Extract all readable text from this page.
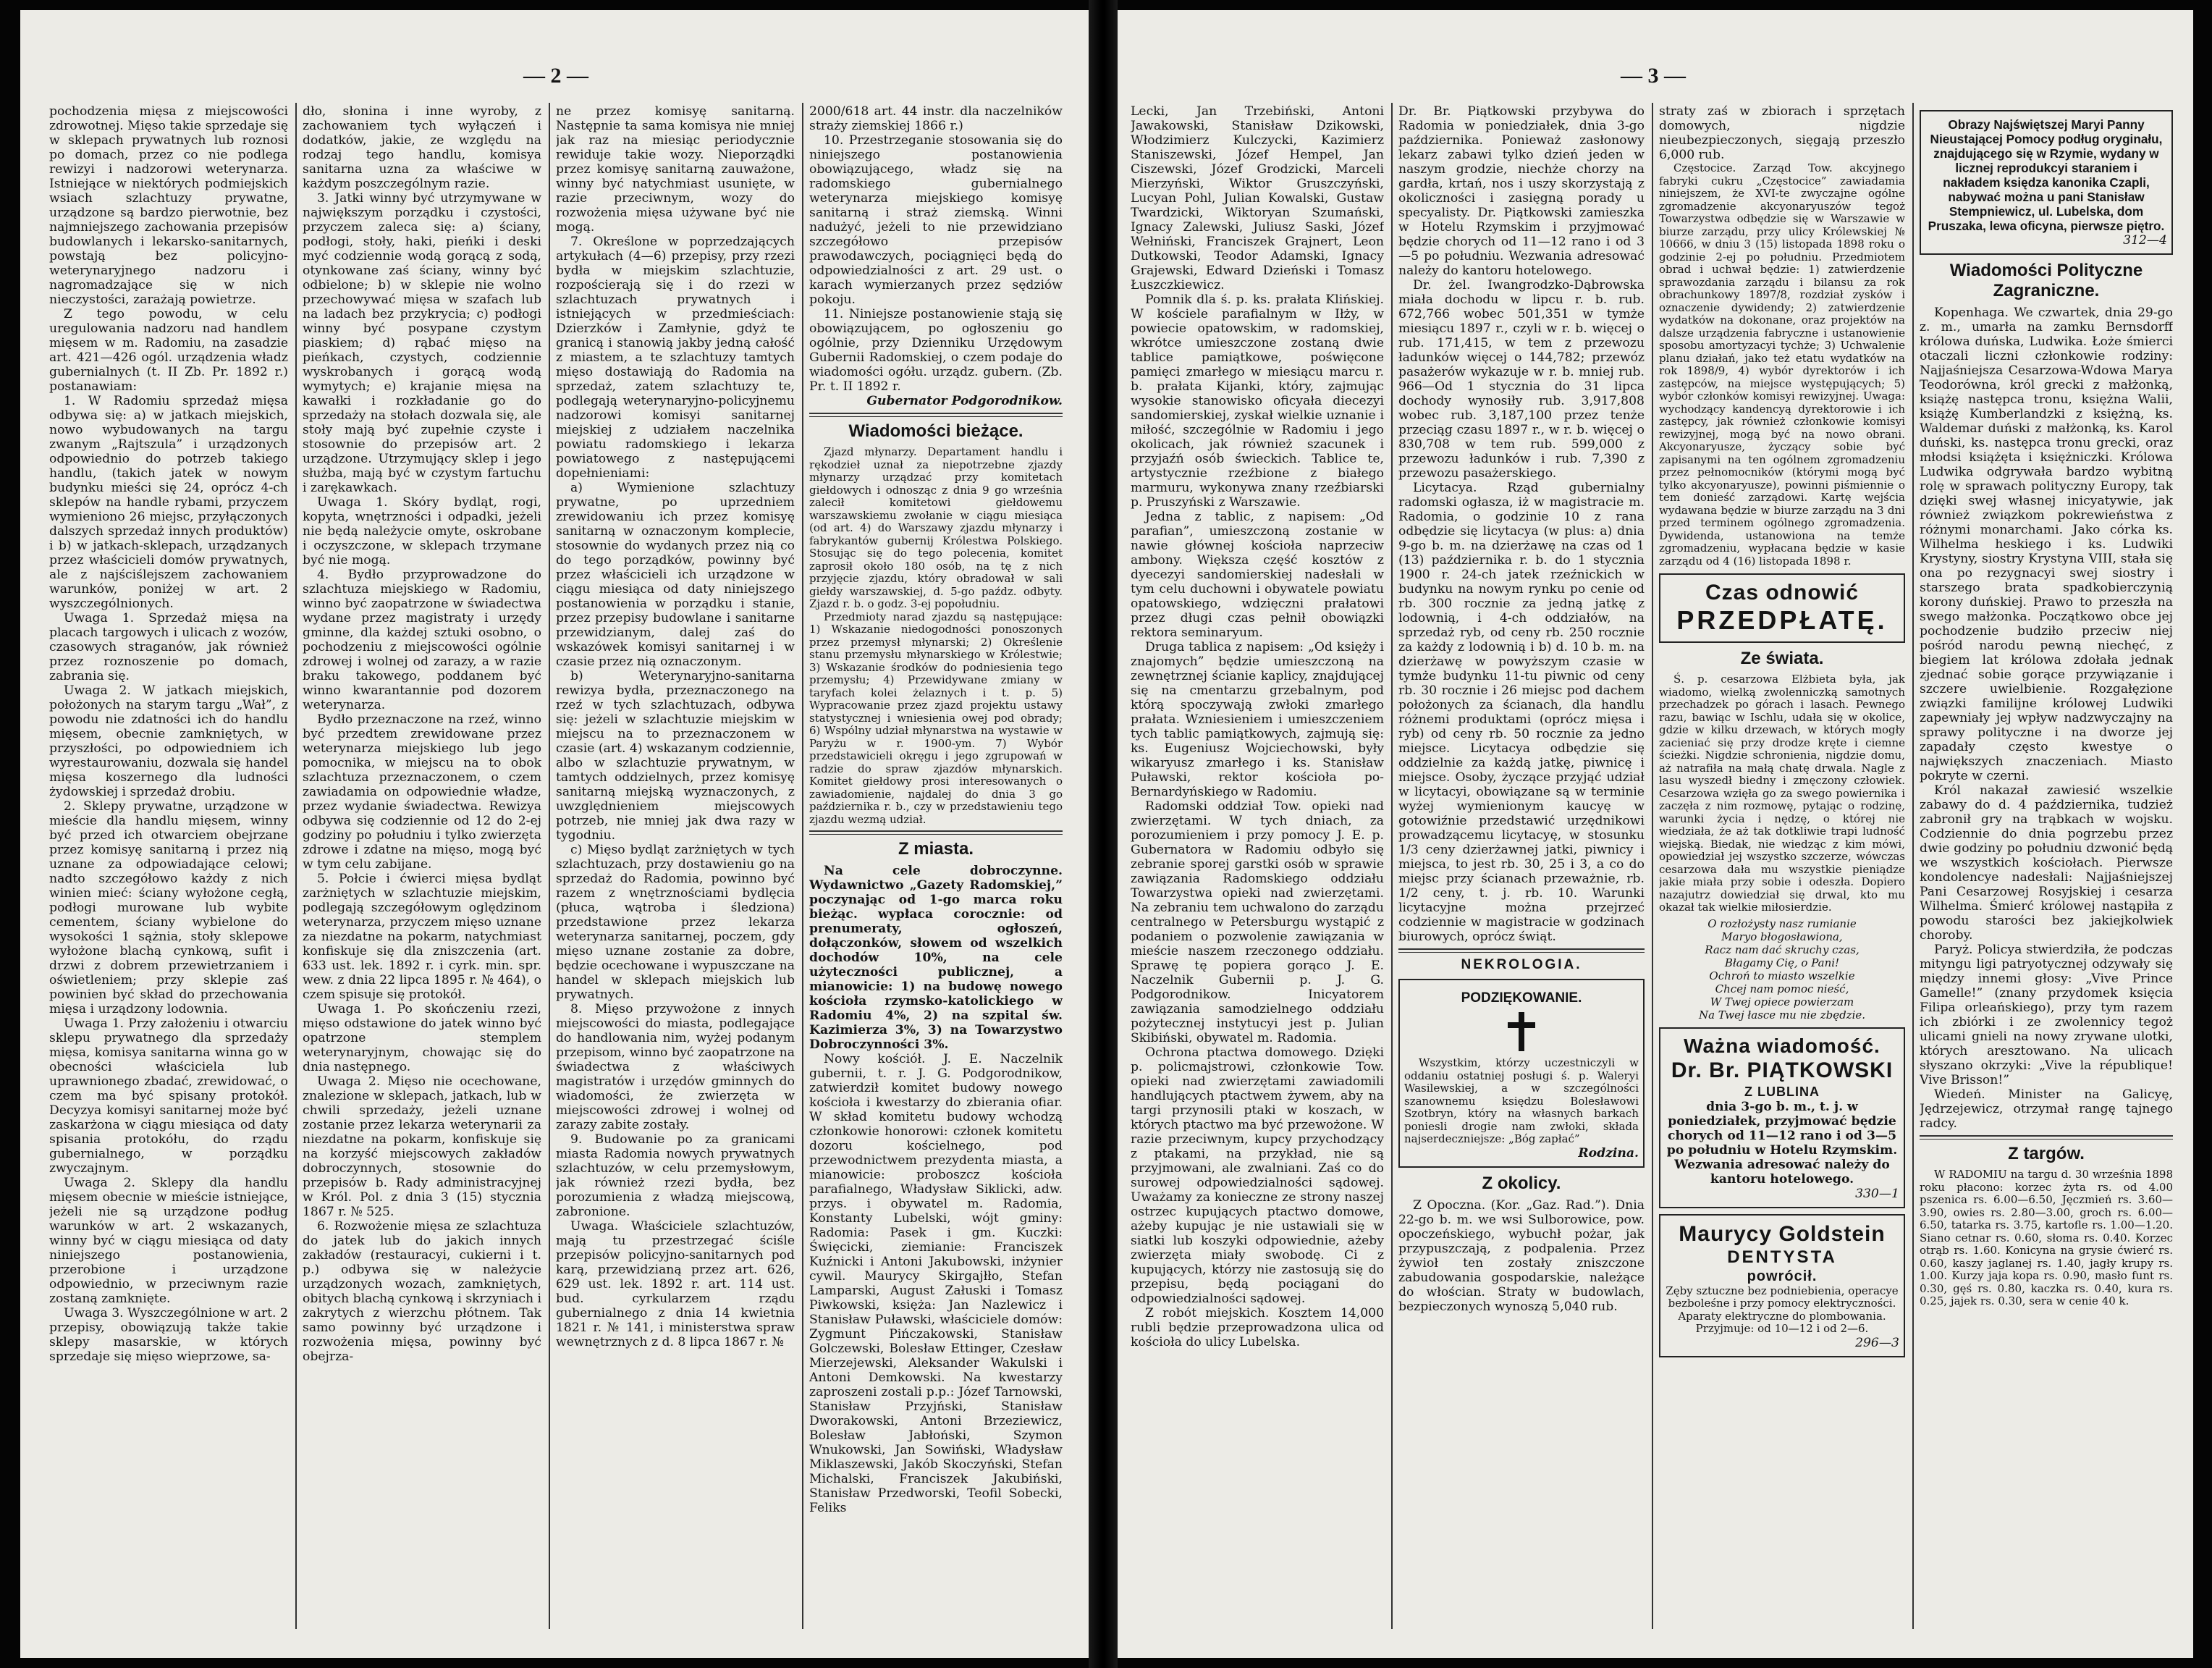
— 2 —

pochodzenia mięsa z miejscowości zdrowotnej. Mięso takie sprzedaje się w sklepach prywatnych lub roznosi po domach, przez co nie podlega rewizyi i nadzorowi weterynarza. Istniejące w niektórych podmiejskich wsiach szlachtuzy prywatne, urządzone są bardzo pierwotnie, bez najmniejszego zachowania przepisów budowlanych i lekarsko-sanitarnych, powstają bez policyjno-weterynaryjnego nadzoru i nagromadzające się w nich nieczystości, zarażają powietrze.

Z tego powodu, w celu uregulowania nadzoru nad handlem mięsem w m. Radomiu, na zasadzie art. 421—426 ogól. urządzenia władz gubernialnych (t. II Zb. Pr. 1892 r.) postanawiam:

1. W Radomiu sprzedaż mięsa odbywa się: a) w jatkach miejskich, nowo wybudowanych na targu zwanym „Rajtszula” i urządzonych odpowiednio do potrzeb takiego handlu, (takich jatek w nowym budynku mieści się 24, oprócz 4-ch sklepów na handle rybami, przyczem wymieniono 26 miejsc, przyłączonych dalszych sprzedaż innych produktów) i b) w jatkach-sklepach, urządzanych przez właścicieli domów prywatnych, ale z najściślejszem zachowaniem warunków, poniżej w art. 2 wyszczególnionych.

Uwaga 1. Sprzedaż mięsa na placach targowych i ulicach z wozów, czasowych straganów, jak również przez roznoszenie po domach, zabrania się.

Uwaga 2. W jatkach miejskich, położonych na starym targu „Wał”, z powodu nie zdatności ich do handlu mięsem, obecnie zamkniętych, w przyszłości, po odpowiedniem ich wyrestaurowaniu, dozwala się handel mięsa koszernego dla ludności żydowskiej i sprzedaż drobiu.

2. Sklepy prywatne, urządzone w mieście dla handlu mięsem, winny być przed ich otwarciem obejrzane przez komisyę sanitarną i przez nią uznane za odpowiadające celowi; nadto szczegółowo każdy z nich winien mieć: ściany wyłożone cegłą, podłogi murowane lub wybite cementem, ściany wybielone do wysokości 1 sążnia, stoły sklepowe wyłożone blachą cynkową, sufit i drzwi z dobrem przewietrzaniem i oświetleniem; przy sklepie zaś powinien być skład do przechowania mięsa i urządzony lodownia.

Uwaga 1. Przy założeniu i otwarciu sklepu prywatnego dla sprzedaży mięsa, komisya sanitarna winna go w obecności właściciela lub uprawnionego zbadać, zrewidować, o czem ma być spisany protokół. Decyzya komisyi sanitarnej może być zaskarżona w ciągu miesiąca od daty spisania protokółu, do rządu gubernialnego, w porządku zwyczajnym.

Uwaga 2. Sklepy dla handlu mięsem obecnie w mieście istniejące, jeżeli nie są urządzone podług warunków w art. 2 wskazanych, winny być w ciągu miesiąca od daty niniejszego postanowienia, przerobione i urządzone odpowiednio, w przeciwnym razie zostaną zamknięte.

Uwaga 3. Wyszczególnione w art. 2 przepisy, obowiązują także takie sklepy masarskie, w których sprzedaje się mięso wieprzowe, sa-

dło, słonina i inne wyroby, z zachowaniem tych wyłączeń i dodatków, jakie, ze względu na rodzaj tego handlu, komisya sanitarna uzna za właściwe w każdym poszczególnym razie.

3. Jatki winny być utrzymywane w największym porządku i czystości, przyczem zaleca się: a) ściany, podłogi, stoły, haki, pieńki i deski myć codziennie wodą gorącą z sodą, otynkowane zaś ściany, winny być odbielone; b) w sklepie nie wolno przechowywać mięsa w szafach lub na ladach bez przykrycia; c) podłogi winny być posypane czystym piaskiem; d) rąbać mięso na pieńkach, czystych, codziennie wyskrobanych i gorącą wodą wymytych; e) krajanie mięsa na kawałki i rozkładanie go do sprzedaży na stołach dozwala się, ale stoły mają być zupełnie czyste i stosownie do przepisów art. 2 urządzone. Utrzymujący sklep i jego służba, mają być w czystym fartuchu i zarękawkach.

Uwaga 1. Skóry bydląt, rogi, kopyta, wnętrzności i odpadki, jeżeli nie będą należycie omyte, oskrobane i oczyszczone, w sklepach trzymane być nie mogą.

4. Bydło przyprowadzone do szlachtuza miejskiego w Radomiu, winno być zaopatrzone w świadectwa wydane przez magistraty i urzędy gminne, dla każdej sztuki osobno, o pochodzeniu z miejscowości ogólnie zdrowej i wolnej od zarazy, a w razie braku takowego, poddanem być winno kwarantannie pod dozorem weterynarza.

Bydło przeznaczone na rzeź, winno być przedtem zrewidowane przez weterynarza miejskiego lub jego pomocnika, w miejscu na to obok szlachtuza przeznaczonem, o czem zawiadamia on odpowiednie władze, przez wydanie świadectwa. Rewizya odbywa się codziennie od 12 do 2-ej godziny po południu i tylko zwierzęta zdrowe i zdatne na mięso, mogą być w tym celu zabijane.

5. Połcie i ćwierci mięsa bydląt zarżniętych w szlachtuzie miejskim, podlegają szczegółowym oględzinom weterynarza, przyczem mięso uznane za niezdatne na pokarm, natychmiast konfiskuje się dla zniszczenia (art. 633 ust. lek. 1892 r. i cyrk. min. spr. wew. z dnia 22 lipca 1895 r. № 464), o czem spisuje się protokół.

Uwaga 1. Po skończeniu rzezi, mięso odstawione do jatek winno być opatrzone stemplem weterynaryjnym, chowając się do dnia następnego.

Uwaga 2. Mięso nie ocechowane, znalezione w sklepach, jatkach, lub w chwili sprzedaży, jeżeli uznane zostanie przez lekarza weterynarii za niezdatne na pokarm, konfiskuje się na korzyść miejscowych zakładów dobroczynnych, stosownie do przepisów b. Rady administracyjnej w Król. Pol. z dnia 3 (15) stycznia 1867 r. № 525.

6. Rozwożenie mięsa ze szlachtuza do jatek lub do jakich innych zakładów (restauracyi, cukierni i t. p.) odbywa się w należycie urządzonych wozach, zamkniętych, obitych blachą cynkową i skrzyniach i zakrytych z wierzchu płótnem. Tak samo powinny być urządzone i rozwożenia mięsa, powinny być obejrza-

ne przez komisyę sanitarną. Następnie ta sama komisya nie mniej jak raz na miesiąc periodycznie rewiduje takie wozy. Nieporządki przez komisyę sanitarną zauważone, winny być natychmiast usunięte, w razie przeciwnym, wozy do rozwożenia mięsa używane być nie mogą.

7. Określone w poprzedzających artykułach (4—6) przepisy, przy rzezi bydła w miejskim szlachtuzie, rozpościerają się i do rzezi w szlachtuzach prywatnych i istniejących w przedmieściach: Dzierzków i Zamłynie, gdyż te granicą i stanowią jakby jedną całość z miastem, a te szlachtuzy tamtych mięso dostawiają do Radomia na sprzedaż, zatem szlachtuzy te, podlegają weterynaryjno-policyjnemu nadzorowi komisyi sanitarnej miejskiej z udziałem naczelnika powiatu radomskiego i lekarza powiatowego z następującemi dopełnieniami:

a) Wymienione szlachtuzy prywatne, po uprzedniem zrewidowaniu ich przez komisyę sanitarną w oznaczonym komplecie, stosownie do wydanych przez nią co do tego porządków, powinny być przez właścicieli ich urządzone w ciągu miesiąca od daty niniejszego postanowienia w porządku i stanie, przez przepisy budowlane i sanitarne przewidzianym, dalej zaś do wskazówek komisyi sanitarnej i w czasie przez nią oznaczonym.

b) Weterynaryjno-sanitarna rewizya bydła, przeznaczonego na rzeź w tych szlachtuzach, odbywa się: jeżeli w szlachtuzie miejskim w miejscu na to przeznaczonem w czasie (art. 4) wskazanym codziennie, albo w szlachtuzie prywatnym, w tamtych oddzielnych, przez komisyę sanitarną miejską wyznaczonych, z uwzględnieniem miejscowych potrzeb, nie mniej jak dwa razy w tygodniu.

c) Mięso bydląt zarżniętych w tych szlachtuzach, przy dostawieniu go na sprzedaż do Radomia, powinno być razem z wnętrznościami bydlęcia (płuca, wątroba i śledziona) przedstawione przez lekarza weterynarza sanitarnej, poczem, gdy mięso uznane zostanie za dobre, będzie ocechowane i wypuszczane na handel w sklepach miejskich lub prywatnych.

8. Mięso przywożone z innych miejscowości do miasta, podlegające do handlowania nim, wyżej podanym przepisom, winno być zaopatrzone na świadectwa z właściwych magistratów i urzędów gminnych do wiadomości, że zwierzęta w miejscowości zdrowej i wolnej od zarazy zabite zostały.

9. Budowanie po za granicami miasta Radomia nowych prywatnych szlachtuzów, w celu przemysłowym, jak również rzezi bydła, bez porozumienia z władzą miejscową, zabronione.

Uwaga. Właściciele szlachtuzów, mają tu przestrzegać ściśle przepisów policyjno-sanitarnych pod karą, przewidzianą przez art. 626, 629 ust. lek. 1892 r. art. 114 ust. bud. cyrkularzem rządu gubernialnego z dnia 14 kwietnia 1821 r. № 141, i ministerstwa spraw wewnętrznych z d. 8 lipca 1867 r. №

2000/618 art. 44 instr. dla naczelników straży ziemskiej 1866 r.)

10. Przestrzeganie stosowania się do niniejszego postanowienia obowiązującego, władz się na radomskiego gubernialnego weterynarza miejskiego komisyę sanitarną i straż ziemską. Winni nadużyć, jeżeli to nie przewidziano szczegółowo przepisów prawodawczych, pociągnięci będą do odpowiedzialności z art. 29 ust. o karach wymierzanych przez sędziów pokoju.

11. Niniejsze postanowienie stają się obowiązującem, po ogłoszeniu go ogólnie, przy Dzienniku Urzędowym Gubernii Radomskiej, o czem podaje do wiadomości ogółu. urządz. gubern. (Zb. Pr. t. II 1892 r.

Gubernator Podgorodnikow.

Wiadomości bieżące.

Zjazd młynarzy. Departament handlu i rękodzieł uznał za niepotrzebne zjazdy młynarzy urządzać przy komitetach giełdowych i odnosząc z dnia 9 go września zalecił komitetowi giełdowemu warszawskiemu zwołanie w ciągu miesiąca (od art. 4) do Warszawy zjazdu młynarzy i fabrykantów gubernij Królestwa Polskiego. Stosując się do tego polecenia, komitet zaprosił około 180 osób, na tę z nich przyjęcie zjazdu, który obradował w sali giełdy warszawskiej, d. 5-go paźdz. odbyty. Zjazd r. b. o godz. 3-ej popołudniu.

Przedmioty narad zjazdu są następujące: 1) Wskazanie niedogodności ponoszonych przez przemysł młynarski; 2) Określenie stanu przemysłu młynarskiego w Królestwie; 3) Wskazanie środków do podniesienia tego przemysłu; 4) Przewidywane zmiany w taryfach kolei żelaznych i t. p. 5) Wypracowanie przez zjazd projektu ustawy statystycznej i wniesienia owej pod obrady; 6) Wspólny udział młynarstwa na wystawie w Paryżu w r. 1900-ym. 7) Wybór przedstawicieli okręgu i jego zgrupowań w radzie do spraw zjazdów młynarskich. Komitet giełdowy prosi interesowanych o zawiadomienie, najdalej do dnia 3 go października r. b., czy w przedstawieniu tego zjazdu wezmą udział.

Z miasta.

Na cele dobroczynne. Wydawnictwo „Gazety Radomskiej,” poczynając od 1-go marca roku bieżąc. wypłaca corocznie: od prenumeraty, ogłoszeń, dołączonków, słowem od wszelkich dochodów 10%, na cele użyteczności publicznej, a mianowicie: 1) na budowę nowego kościoła rzymsko-katolickiego w Radomiu 4%, 2) na szpital św. Kazimierza 3%, 3) na Towarzystwo Dobroczynności 3%.

Nowy kościół. J. E. Naczelnik gubernii, t. r. J. G. Podgorodnikow, zatwierdził komitet budowy nowego kościoła i kwestarzy do zbierania ofiar. W skład komitetu budowy wchodzą członkowie honorowi: członek komitetu dozoru kościelnego, pod przewodnictwem prezydenta miasta, a mianowicie: proboszcz kościoła parafialnego, Władysław Siklicki, adw. przys. i obywatel m. Radomia, Konstanty Lubelski, wójt gminy: Radomia: Pasek i gm. Kuczki: Święcicki, ziemianie: Franciszek Kuźnicki i Antoni Jakubowski, inżynier cywil. Maurycy Skirgajłło, Stefan Lamparski, August Załuski i Tomasz Piwkowski, księża: Jan Nazlewicz i Stanisław Puławski, właściciele domów: Zygmunt Pińczakowski, Stanisław Golczewski, Bolesław Ettinger, Czesław Mierzejewski, Aleksander Wakulski i Antoni Demkowski. Na kwestarzy zaproszeni zostali p.p.: Józef Tarnowski, Stanisław Przyjński, Stanisław Dworakowski, Antoni Brzeziewicz, Bolesław Jabłoński, Szymon Wnukowski, Jan Sowiński, Władysław Miklaszewski, Jakób Skoczyński, Stefan Michalski, Franciszek Jakubiński, Stanisław Przedworski, Teofil Sobecki, Feliks

— 3 —

Lecki, Jan Trzebiński, Antoni Jawakowski, Stanisław Dzikowski, Włodzimierz Kulczycki, Kazimierz Staniszewski, Józef Hempel, Jan Ciszewski, Józef Grodzicki, Marceli Mierzyński, Wiktor Gruszczyński, Lucyan Pohl, Julian Kowalski, Gustaw Twardzicki, Wiktoryan Szumański, Ignacy Zalewski, Juliusz Saski, Józef Wełniński, Franciszek Grajnert, Leon Dutkowski, Teodor Adamski, Ignacy Grajewski, Edward Dzieński i Tomasz Łuszczkiewicz.

Pomnik dla ś. p. ks. prałata Klińskiej. W kościele parafialnym w Iłży, w powiecie opatowskim, w radomskiej, wkrótce umieszczone zostaną dwie tablice pamiątkowe, poświęcone pamięci zmarłego w miesiącu marcu r. b. prałata Kijanki, który, zajmując wysokie stanowisko oficyała diecezyi sandomierskiej, zyskał wielkie uznanie i miłość, szczególnie w Radomiu i jego okolicach, jak również szacunek i przyjaźń osób świeckich. Tablice te, artystycznie rzeźbione z białego marmuru, wykonywa znany rzeźbiarski p. Pruszyński z Warszawie.

Jedna z tablic, z napisem: „Od parafian”, umieszczoną zostanie w nawie głównej kościoła naprzeciw ambony. Większa część kosztów z dyecezyi sandomierskiej nadesłali w tym celu duchowni i obywatele powiatu opatowskiego, wdzięczni prałatowi przez długi czas pełnił obowiązki rektora seminaryum.

Druga tablica z napisem: „Od księży i znajomych” będzie umieszczoną na zewnętrznej ścianie kaplicy, znajdującej się na cmentarzu grzebalnym, pod którą spoczywają zwłoki zmarłego prałata. Wzniesieniem i umieszczeniem tych tablic pamiątkowych, zajmują się: ks. Eugeniusz Wojciechowski, były wikaryusz zmarłego i ks. Stanisław Puławski, rektor kościoła po-Bernardyńskiego w Radomiu.

Radomski oddział Tow. opieki nad zwierzętami. W tych dniach, za porozumieniem i przy pomocy J. E. p. Gubernatora w Radomiu odbyło się zebranie sporej garstki osób w sprawie zawiązania Radomskiego oddziału Towarzystwa opieki nad zwierzętami. Na zebraniu tem uchwalono do zarządu centralnego w Petersburgu wystąpić z podaniem o pozwolenie zawiązania w mieście naszem rzeczonego oddziału. Sprawę tę popiera gorąco J. E. Naczelnik Gubernii p. J. G. Podgorodnikow. Inicyatorem zawiązania samodzielnego oddziału pożytecznej instytucyi jest p. Julian Skibiński, obywatel m. Radomia.

Ochrona ptactwa domowego. Dzięki p. policmajstrowi, członkowie Tow. opieki nad zwierzętami zawiadomili handlujących ptactwem żywem, aby na targi przynosili ptaki w koszach, w których ptactwo ma być przewożone. W razie przeciwnym, kupcy przychodzący z ptakami, na przykład, nie są przyjmowani, ale zwalniani. Zaś co do surowej odpowiedzialności sądowej. Uważamy za konieczne ze strony naszej ostrzec kupujących ptactwo domowe, ażeby kupując je nie ustawiali się w siatki lub koszyki odpowiednie, ażeby zwierzęta miały swobodę. Ci z kupujących, którzy nie zastosują się do przepisu, będą pociągani do odpowiedzialności sądowej.

Z robót miejskich. Kosztem 14,000 rubli będzie przeprowadzona ulica od kościoła do ulicy Lubelska.

Dr. Br. Piątkowski przybywa do Radomia w poniedziałek, dnia 3-go października. Ponieważ zasłonowy lekarz zabawi tylko dzień jeden w naszym grodzie, niechże chorzy na gardła, krtań, nos i uszy skorzystają z okoliczności i zasięgną porady u specyalisty. Dr. Piątkowski zamieszka w Hotelu Rzymskim i przyjmować będzie chorych od 11—12 rano i od 3—5 po południu. Wezwania adresować należy do kantoru hotelowego.

Dr. żel. Iwangrodzko-Dąbrowska miała dochodu w lipcu r. b. rub. 672,766 wobec 501,351 w tymże miesiącu 1897 r., czyli w r. b. więcej o rub. 171,415, w tem z przewozu ładunków więcej o 144,782; przewóz pasażerów wykazuje w r. b. mniej rub. 966—Od 1 stycznia do 31 lipca dochody wynosiły rub. 3,917,808 wobec rub. 3,187,100 przez tenże przeciąg czasu 1897 r., w r. b. więcej o 830,708 w tem rub. 599,000 z przewozu ładunków i rub. 7,390 z przewozu pasażerskiego.

Licytacya. Rząd gubernialny radomski ogłasza, iż w magistracie m. Radomia, o godzinie 10 z rana odbędzie się licytacya (w plus: a) dnia 9-go b. m. na dzierżawę na czas od 1 (13) października r. b. do 1 stycznia 1900 r. 24-ch jatek rzeźnickich w budynku na nowym rynku po cenie od rb. 300 rocznie za jedną jatkę z lodownią, i 4-ch oddziałów, na sprzedaż ryb, od ceny rb. 250 rocznie za każdy z lodownią i b) d. 10 b. m. na dzierżawę w powyższym czasie w tymże budynku 11-tu piwnic od ceny rb. 30 rocznie i 26 miejsc pod dachem położonych za ścianach, dla handlu różnemi produktami (oprócz mięsa i ryb) od ceny rb. 50 rocznie za jedno miejsce. Licytacya odbędzie się oddzielnie za każdą jatkę, piwnicę i miejsce. Osoby, życzące przyjąć udział w licytacyi, obowiązane są w terminie wyżej wymienionym kaucyę w gotowiźnie przedstawić urzędnikowi prowadzącemu licytacyę, w stosunku 1/3 ceny dzierżawnej jatki, piwnicy i miejsca, to jest rb. 30, 25 i 3, a co do miejsc przy ścianach przeważnie, rb. 1/2 ceny, t. j. rb. 10. Warunki licytacyjne można przejrzeć codziennie w magistracie w godzinach biurowych, oprócz świąt.

NEKROLOGIA.
PODZIĘKOWANIE.

Wszystkim, którzy uczestniczyli w oddaniu ostatniej posługi ś. p. Waleryi Wasilewskiej, a w szczególności szanownemu księdzu Bolesławowi Szotbryn, który na własnych barkach poniesli drogie nam zwłoki, składa najserdeczniejsze: „Bóg zapłać”

Rodzina.

Z okolicy.

Z Opoczna. (Kor. „Gaz. Rad.”). Dnia 22-go b. m. we wsi Sulborowice, pow. opoczeńskiego, wybuchł pożar, jak przypuszczają, z podpalenia. Przez żywioł ten zostały zniszczone zabudowania gospodarskie, należące do włościan. Straty w budowlach, bezpieczonych wynoszą 5,040 rub.

straty zaś w zbiorach i sprzętach domowych, nigdzie nieubezpieczonych, sięgają przeszło 6,000 rub.

Częstocice. Zarząd Tow. akcyjnego fabryki cukru „Częstocice” zawiadamia niniejszem, że XVI-te zwyczajne ogólne zgromadzenie akcyonaryuszów tegoż Towarzystwa odbędzie się w Warszawie w biurze zarządu, przy ulicy Królewskiej № 10666, w dniu 3 (15) listopada 1898 roku o godzinie 2-ej po południu. Przedmiotem obrad i uchwał będzie: 1) zatwierdzenie sprawozdania zarządu i bilansu za rok obrachunkowy 1897/8, rozdział zysków i oznaczenie dywidendy; 2) zatwierdzenie wydatków na dokonane, oraz projektów na dalsze urządzenia fabryczne i ustanowienie sposobu amortyzacyi tychże; 3) Uchwalenie planu działań, jako też etatu wydatków na rok 1898/9, 4) wybór dyrektorów i ich zastępców, na miejsce występujących; 5) wybór członków komisyi rewizyjnej. Uwaga: wychodzący kandencyą dyrektorowie i ich zastępcy, jak również członkowie komisyi rewizyjnej, mogą być na nowo obrani. Akcyonaryusze, życzący sobie być zapisanymi na ten ogólnem zgromadzeniu przez pełnomocników (którymi mogą być tylko akcyonaryusze), powinni piśmiennie o tem donieść zarządowi. Kartę wejścia wydawana będzie w biurze zarządu na 3 dni przed terminem ogólnego zgromadzenia. Dywidenda, ustanowiona na temże zgromadzeniu, wypłacana będzie w kasie zarządu od 4 (16) listopada 1898 r.

Czas odnowić
PRZEDPŁATĘ.
Ze świata.

Ś. p. cesarzowa Elżbieta była, jak wiadomo, wielką zwolenniczką samotnych przechadzek po górach i lasach. Pewnego razu, bawiąc w Ischlu, udała się w okolice, gdzie w kilku drzewach, w których mogły zacieniać się przy drodze kręte i ciemne ścieżki. Nigdzie schronienia, nigdzie domu, aż natrafiła na małą chatę drwala. Nagle z lasu wyszedł biedny i zmęczony człowiek. Cesarzowa wzięła go za swego powiernika i zaczęła z nim rozmowę, pytając o rodzinę, warunki życia i nędzę, o której nie wiedziała, że aż tak dotkliwie trapi ludność wiejską. Biedak, nie wiedząc z kim mówi, opowiedział jej wszystko szczerze, wówczas cesarzowa dała mu wszystkie pieniądze jakie miała przy sobie i odeszła. Dopiero nazajutrz dowiedział się drwal, kto mu okazał tak wielkie miłosierdzie.

O rozłożysty nasz rumianie
Maryo błogosławiona,
Racz nam dać skruchy czas,
Błagamy Cię, o Pani!
Ochroń to miasto wszelkie
Chcej nam pomoc nieść,
W Twej opiece powierzam
Na Twej łasce mu nie zbędzie.
Ważna wiadomość.
Dr. Br. PIĄTKOWSKI
Z LUBLINA

dnia 3-go b. m., t. j. w poniedziałek, przyjmować będzie chorych od 11—12 rano i od 3—5 po południu w Hotelu Rzymskim. Wezwania adresować należy do kantoru hotelowego.

330—1

Maurycy Goldstein
DENTYSTA
powrócił.

Zęby sztuczne bez podniebienia, operacye bezboleśne i przy pomocy elektryczności. Aparaty elektryczne do plombowania. Przyjmuje: od 10—12 i od 2—6.

296—3

Obrazy Najświętszej Maryi Panny Nieustającej Pomocy podług oryginału, znajdującego się w Rzymie, wydany w licznej reprodukcyi staraniem i nakładem księdza kanonika Czapli, nabywać można u pani Stanisław Stempniewicz, ul. Lubelska, dom Pruszaka, lewa oficyna, pierwsze piętro.

312—4

Wiadomości Polityczne Zagraniczne.

Kopenhaga. We czwartek, dnia 29-go z. m., umarła na zamku Bernsdorff królowa duńska, Ludwika. Łoże śmierci otaczali liczni członkowie rodziny: Najjaśniejsza Cesarzowa-Wdowa Marya Teodorówna, król grecki z małżonką, książę następca tronu, księżna Walii, książę Kumberlandzki z księżną, ks. Waldemar duński z małżonką, ks. Karol duński, ks. następca tronu grecki, oraz młodsi książęta i księżniczki. Królowa Ludwika odgrywała bardzo wybitną rolę w sprawach polityczny Europy, tak dzięki swej własnej inicyatywie, jak również związkom pokrewieństwa z różnymi monarchami. Jako córka ks. Wilhelma heskiego i ks. Ludwiki Krystyny, siostry Krystyna VIII, stała się ona po rezygnacyi swej siostry i starszego brata spadkobierczynią korony duńskiej. Prawo to przeszła na swego małżonka. Początkowo obce jej pochodzenie budziło przeciw niej pośród narodu pewną niechęć, z biegiem lat królowa zdołała jednak zjednać sobie gorące przywiązanie i szczere uwielbienie. Rozgałęzione związki familijne królowej Ludwiki zapewniały jej wpływ nadzwyczajny na sprawy polityczne i na dworze jej zapadały często kwestye o największych znaczeniach. Miasto pokryte w czerni.

Król nakazał zawiesić wszelkie zabawy do d. 4 października, tudzież zabronił gry na trąbkach w wojsku. Codziennie do dnia pogrzebu przez dwie godziny po południu dzwonić będą we wszystkich kościołach. Pierwsze kondolencye nadesłali: Najjaśniejszej Pani Cesarzowej Rosyjskiej i cesarza Wilhelma. Śmierć królowej nastąpiła z powodu starości bez jakiejkolwiek choroby.

Paryż. Policya stwierdziła, że podczas mityngu ligi patryotycznej odzywały się między innemi głosy: „Vive Prince Gamelle!” (znany przydomek księcia Filipa orleańskiego), przy tym razem ich zbiórki i ze zwolennicy tegoż ulicami gnieli na nowy zrywane ulotki, których aresztowano. Na ulicach słyszano okrzyki: „Vive la république! Vive Brisson!”

Wiedeń. Minister na Galicyę, Jędrzejewicz, otrzymał rangę tajnego radcy.

Z targów.

W RADOMIU na targu d. 30 września 1898 roku płacono: korzec żyta rs. od 4.00 pszenica rs. 6.00—6.50, Jęczmień rs. 3.60—3.90, owies rs. 2.80—3.00, groch rs. 6.00—6.50, tatarka rs. 3.75, kartofle rs. 1.00—1.20. Siano cetnar rs. 0.60, słoma rs. 0.40. Korzec otrąb rs. 1.60. Konicyna na grysie ćwierć rs. 0.60, kaszy jaglanej rs. 1.40, jagły krupy rs. 1.00. Kurzy jaja kopa rs. 0.90, masło funt rs. 0.30, gęś rs. 0.80, kaczka rs. 0.40, kura rs. 0.25, jajek rs. 0.30, sera w cenie 40 k.
